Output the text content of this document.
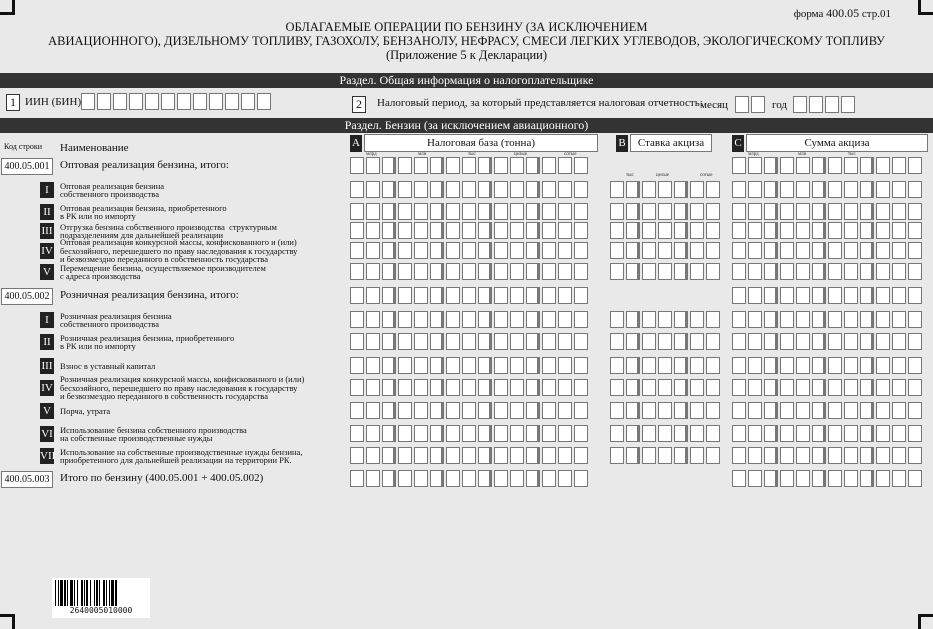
форма 400.05 стр.01
ОБЛАГАЕМЫЕ ОПЕРАЦИИ ПО БЕНЗИНУ (ЗА ИСКЛЮЧЕНИЕМ
АВИАЦИОННОГО), ДИЗЕЛЬНОМУ ТОПЛИВУ, ГАЗОХОЛУ, БЕНЗАНОЛУ, НЕФРАСУ, СМЕСИ ЛЕГКИХ УГЛЕВОДОВ, ЭКОЛОГИЧЕСКОМУ ТОПЛИВУ
(Приложение 5 к Декларации)
Раздел. Общая информация о налогоплательщике
1 ИИН (БИН)	2	Налоговый период, за который представляется налоговая отчетность:
месяц	год
Раздел. Бензин (за исключением авиационного)
Код строки Наименование	A	Налоговая база (тонна)	B	Ставка акциза	C	Сумма акциза
млрд	млн	тыс	целые	сотые
тыс	целые	сотые
млрд	млн	тыс
400.05.001 Оптовая реализация бензина, итого:
I	Оптовая реализация бензина
собственного производства
II	Оптовая реализация бензина, приобретенного
в РК или по импорту
III Отгрузка бензина собственного производства  структурным
подразделениям для дальнейшей реализации
IV
Оптовая реализация конкурсной массы, конфискованного и (или)
бесхозяйного, перешедшего по праву наследования к государству
и безвозмездно переданного в собственность государства
V	Перемещение бензина, осуществляемое производителем
с адреса производства
400.05.002 Розничная реализация бензина, итого:
I	Розничная реализация бензина
собственного производства
II	Розничная реализация бензина, приобретенного
в РК или по импорту
III Взнос в уставный капитал
IV
Розничная реализация конкурсной массы, конфискованного и (или)
бесхозяйного, перешедшего по праву наследования к государству
и безвозмездно переданного в собственность государства
V	Порча, утрата
VI Использование бензина собственного производства
на собственные производственные нужды
VII Использование на собственные производственные нужды бензина,
приобретенного для дальнейшей реализации на территории РК.
400.05.003 Итого по бензину (400.05.001 + 400.05.002)
2640005010000
